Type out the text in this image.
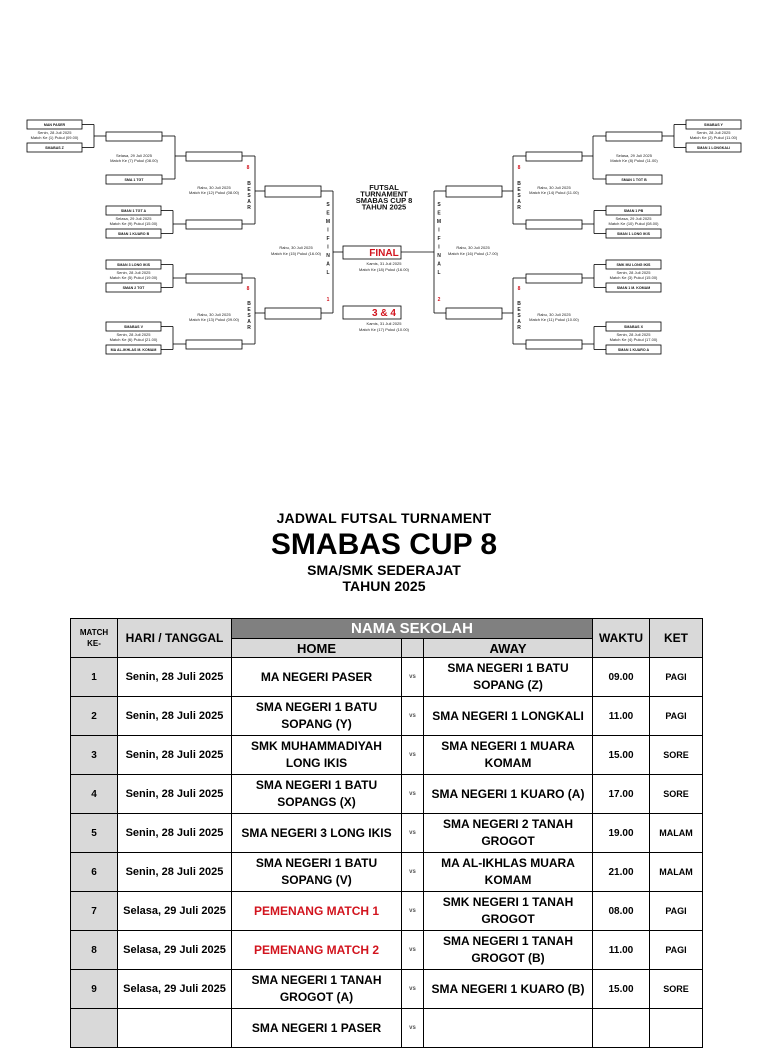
MAN PASER
Senin, 28 Juli 2025
Match Ke (1) Pukul (09.00)
SMABAS Z
SMAN 1 TGT A
Selasa, 29 Juli 2025
Match Ke (9) Pukul (15.00)
SMAN 1 KUARO B
SMAN 3 LONG IKIS
Senin, 28 Juli 2025
Match Ke (5) Pukul (19.00)
SMAN 2 TGT
SMABAS V
Senin, 28 Juli 2025
Match Ke (6) Pukul (21.00)
MA AL-IKHLAS M. KOMAM
Selasa, 29 Juli 2025
Match Ke (7) Pukul (08.00)
SMA 1 TGT
Rabu, 30 Juli 2025
Match Ke (12) Pukul (08.00)
Rabu, 30 Juli 2025
Match Ke (13) Pukul (09.00)
8
B
E
S
A
R
8
B
E
S
A
R
Rabu, 30 Juli 2025
Match Ke (15) Pukul (16.00)
S
E
M
I
F
I
N
A
L
1
SMABAS Y
Senin, 28 Juli 2025
Match Ke (2) Pukul (11.00)
SMAN 1 LONGKALI
SMAN 1 PB
Selasa, 29 Juli 2025
Match Ke (10) Pukul (08.00)
SMAN 1 LONG IKIS
SMK MU LONG IKIS
Senin, 28 Juli 2025
Match Ke (3) Pukul (15.00)
SMAN 1 M. KOMAM
SMABAS X
Senin, 28 Juli 2025
Match Ke (4) Pukul (17.00)
SMAN 1 KUARO A
Selasa, 29 Juli 2025
Match Ke (8) Pukul (11.00)
SMAN 1 TGT B
Rabu, 30 Juli 2025
Match Ke (14) Pukul (11.00)
Rabu, 30 Juli 2025
Match Ke (11) Pukul (10.00)
8
B
E
S
A
R
8
B
E
S
A
R
Rabu, 30 Juli 2025
Match Ke (16) Pukul (17.00)
S
E
M
I
F
I
N
A
L
2
FUTSAL
TURNAMENT
SMABAS CUP 8
TAHUN 2025
FINAL
Kamis, 31 Juli 2025
Match Ke (18) Pukul (16.00)
3 & 4
Kamis, 31 Juli 2025
Match Ke (17) Pukul (10.00)
JADWAL FUTSAL TURNAMENT
SMABAS CUP 8
SMA/SMK SEDERAJAT
TAHUN 2025
MATCH
KE-	HARI / TANGGAL	NAMA SEKOLAH			WAKTU	KET
		HOME		AWAY		
1	Senin, 28 Juli 2025	MA NEGERI PASER	vs	SMA NEGERI 1 BATU SOPANG (Z)	09.00	PAGI
2	Senin, 28 Juli 2025	SMA NEGERI 1 BATU SOPANG (Y)	vs	SMA NEGERI 1 LONGKALI	11.00	PAGI
3	Senin, 28 Juli 2025	SMK MUHAMMADIYAH LONG IKIS	vs	SMA NEGERI 1 MUARA KOMAM	15.00	SORE
4	Senin, 28 Juli 2025	SMA NEGERI 1 BATU SOPANGS (X)	vs	SMA NEGERI 1 KUARO (A)	17.00	SORE
5	Senin, 28 Juli 2025	SMA NEGERI 3 LONG IKIS	vs	SMA NEGERI 2 TANAH GROGOT	19.00	MALAM
6	Senin, 28 Juli 2025	SMA NEGERI 1 BATU SOPANG (V)	vs	MA AL-IKHLAS MUARA KOMAM	21.00	MALAM
7	Selasa, 29 Juli 2025	PEMENANG MATCH 1	vs	SMK NEGERI 1 TANAH GROGOT	08.00	PAGI
8	Selasa, 29 Juli 2025	PEMENANG MATCH 2	vs	SMA NEGERI 1 TANAH GROGOT (B)	11.00	PAGI
9	Selasa, 29 Juli 2025	SMA NEGERI 1 TANAH GROGOT (A)	vs	SMA NEGERI 1 KUARO (B)	15.00	SORE
		SMA NEGERI 1 PASER	vs			
